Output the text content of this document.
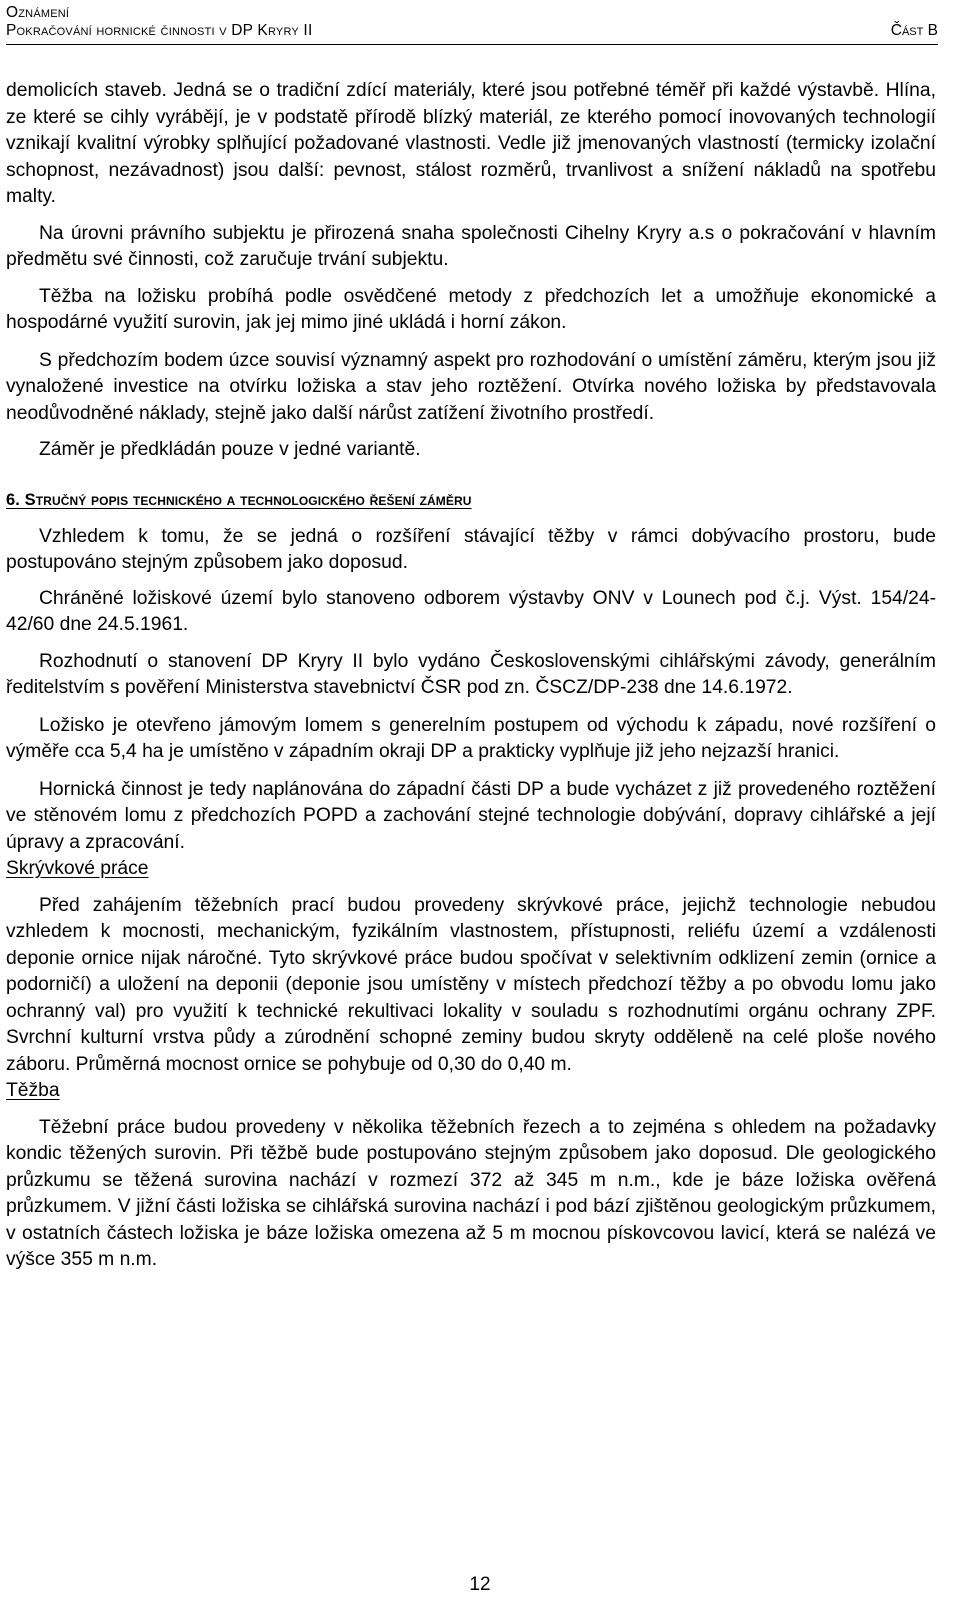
Oznámení
Pokračování hornické činnosti v DP Kryry II	Část B

demolicích staveb. Jedná se o tradiční zdící materiály, které jsou potřebné téměř při každé výstavbě. Hlína, ze které se cihly vyrábějí, je v podstatě přírodě blízký materiál, ze kterého pomocí inovovaných technologií vznikají kvalitní výrobky splňující požadované vlastnosti. Vedle již jmenovaných vlastností (termicky izolační schopnost, nezávadnost) jsou další: pevnost, stálost rozměrů, trvanlivost a snížení nákladů na spotřebu malty.

Na úrovni právního subjektu je přirozená snaha společnosti Cihelny Kryry a.s o pokračování v hlavním předmětu své činnosti, což zaručuje trvání subjektu.

Těžba na ložisku probíhá podle osvědčené metody z předchozích let a umožňuje ekonomické a hospodárné využití surovin, jak jej mimo jiné ukládá i horní zákon.

S předchozím bodem úzce souvisí významný aspekt pro rozhodování o umístění záměru, kterým jsou již vynaložené investice na otvírku ložiska a stav jeho roztěžení. Otvírka nového ložiska by představovala neodůvodněné náklady, stejně jako další nárůst zatížení životního prostředí.

Záměr je předkládán pouze v jedné variantě.

6. Stručný popis technického a technologického řešení záměru

Vzhledem k tomu, že se jedná o rozšíření stávající těžby v rámci dobývacího prostoru, bude postupováno stejným způsobem jako doposud.

Chráněné ložiskové území bylo stanoveno odborem výstavby ONV v Lounech pod č.j. Výst. 154/24-42/60 dne 24.5.1961.

Rozhodnutí o stanovení DP Kryry II bylo vydáno Československými cihlářskými závody, generálním ředitelstvím s pověření Ministerstva stavebnictví ČSR pod zn. ČSCZ/DP-238 dne 14.6.1972.

Ložisko je otevřeno jámovým lomem s generelním postupem od východu k západu, nové rozšíření o výměře cca 5,4 ha je umístěno v západním okraji DP a prakticky vyplňuje již jeho nejzazší hranici.

Hornická činnost je tedy naplánována do západní části DP a bude vycházet z již provedeného roztěžení ve stěnovém lomu z předchozích POPD a zachování stejné technologie dobývání, dopravy cihlářské a její úpravy a zpracování.

Skrývkové práce

Před zahájením těžebních prací budou provedeny skrývkové práce, jejichž technologie nebudou vzhledem k mocnosti, mechanickým, fyzikálním vlastnostem, přístupnosti, reliéfu území a vzdálenosti deponie ornice nijak náročné. Tyto skrývkové práce budou spočívat v selektivním odklizení zemin (ornice a podorničí) a uložení na deponii (deponie jsou umístěny v místech předchozí těžby a po obvodu lomu jako ochranný val) pro využití k technické rekultivaci lokality v souladu s rozhodnutími orgánu ochrany ZPF. Svrchní kulturní vrstva půdy a zúrodnění schopné zeminy budou skryty odděleně na celé ploše nového záboru. Průměrná mocnost ornice se pohybuje od 0,30 do 0,40 m.

Těžba

Těžební práce budou provedeny v několika těžebních řezech a to zejména s ohledem na požadavky kondic těžených surovin. Při těžbě bude postupováno stejným způsobem jako doposud. Dle geologického průzkumu se těžená surovina nachází v rozmezí 372 až 345 m n.m., kde je báze ložiska ověřená průzkumem. V jižní části ložiska se cihlářská surovina nachází i pod bází zjištěnou geologickým průzkumem, v ostatních částech ložiska je báze ložiska omezena až 5 m mocnou pískovcovou lavicí, která se nalézá ve výšce 355 m n.m.

12
